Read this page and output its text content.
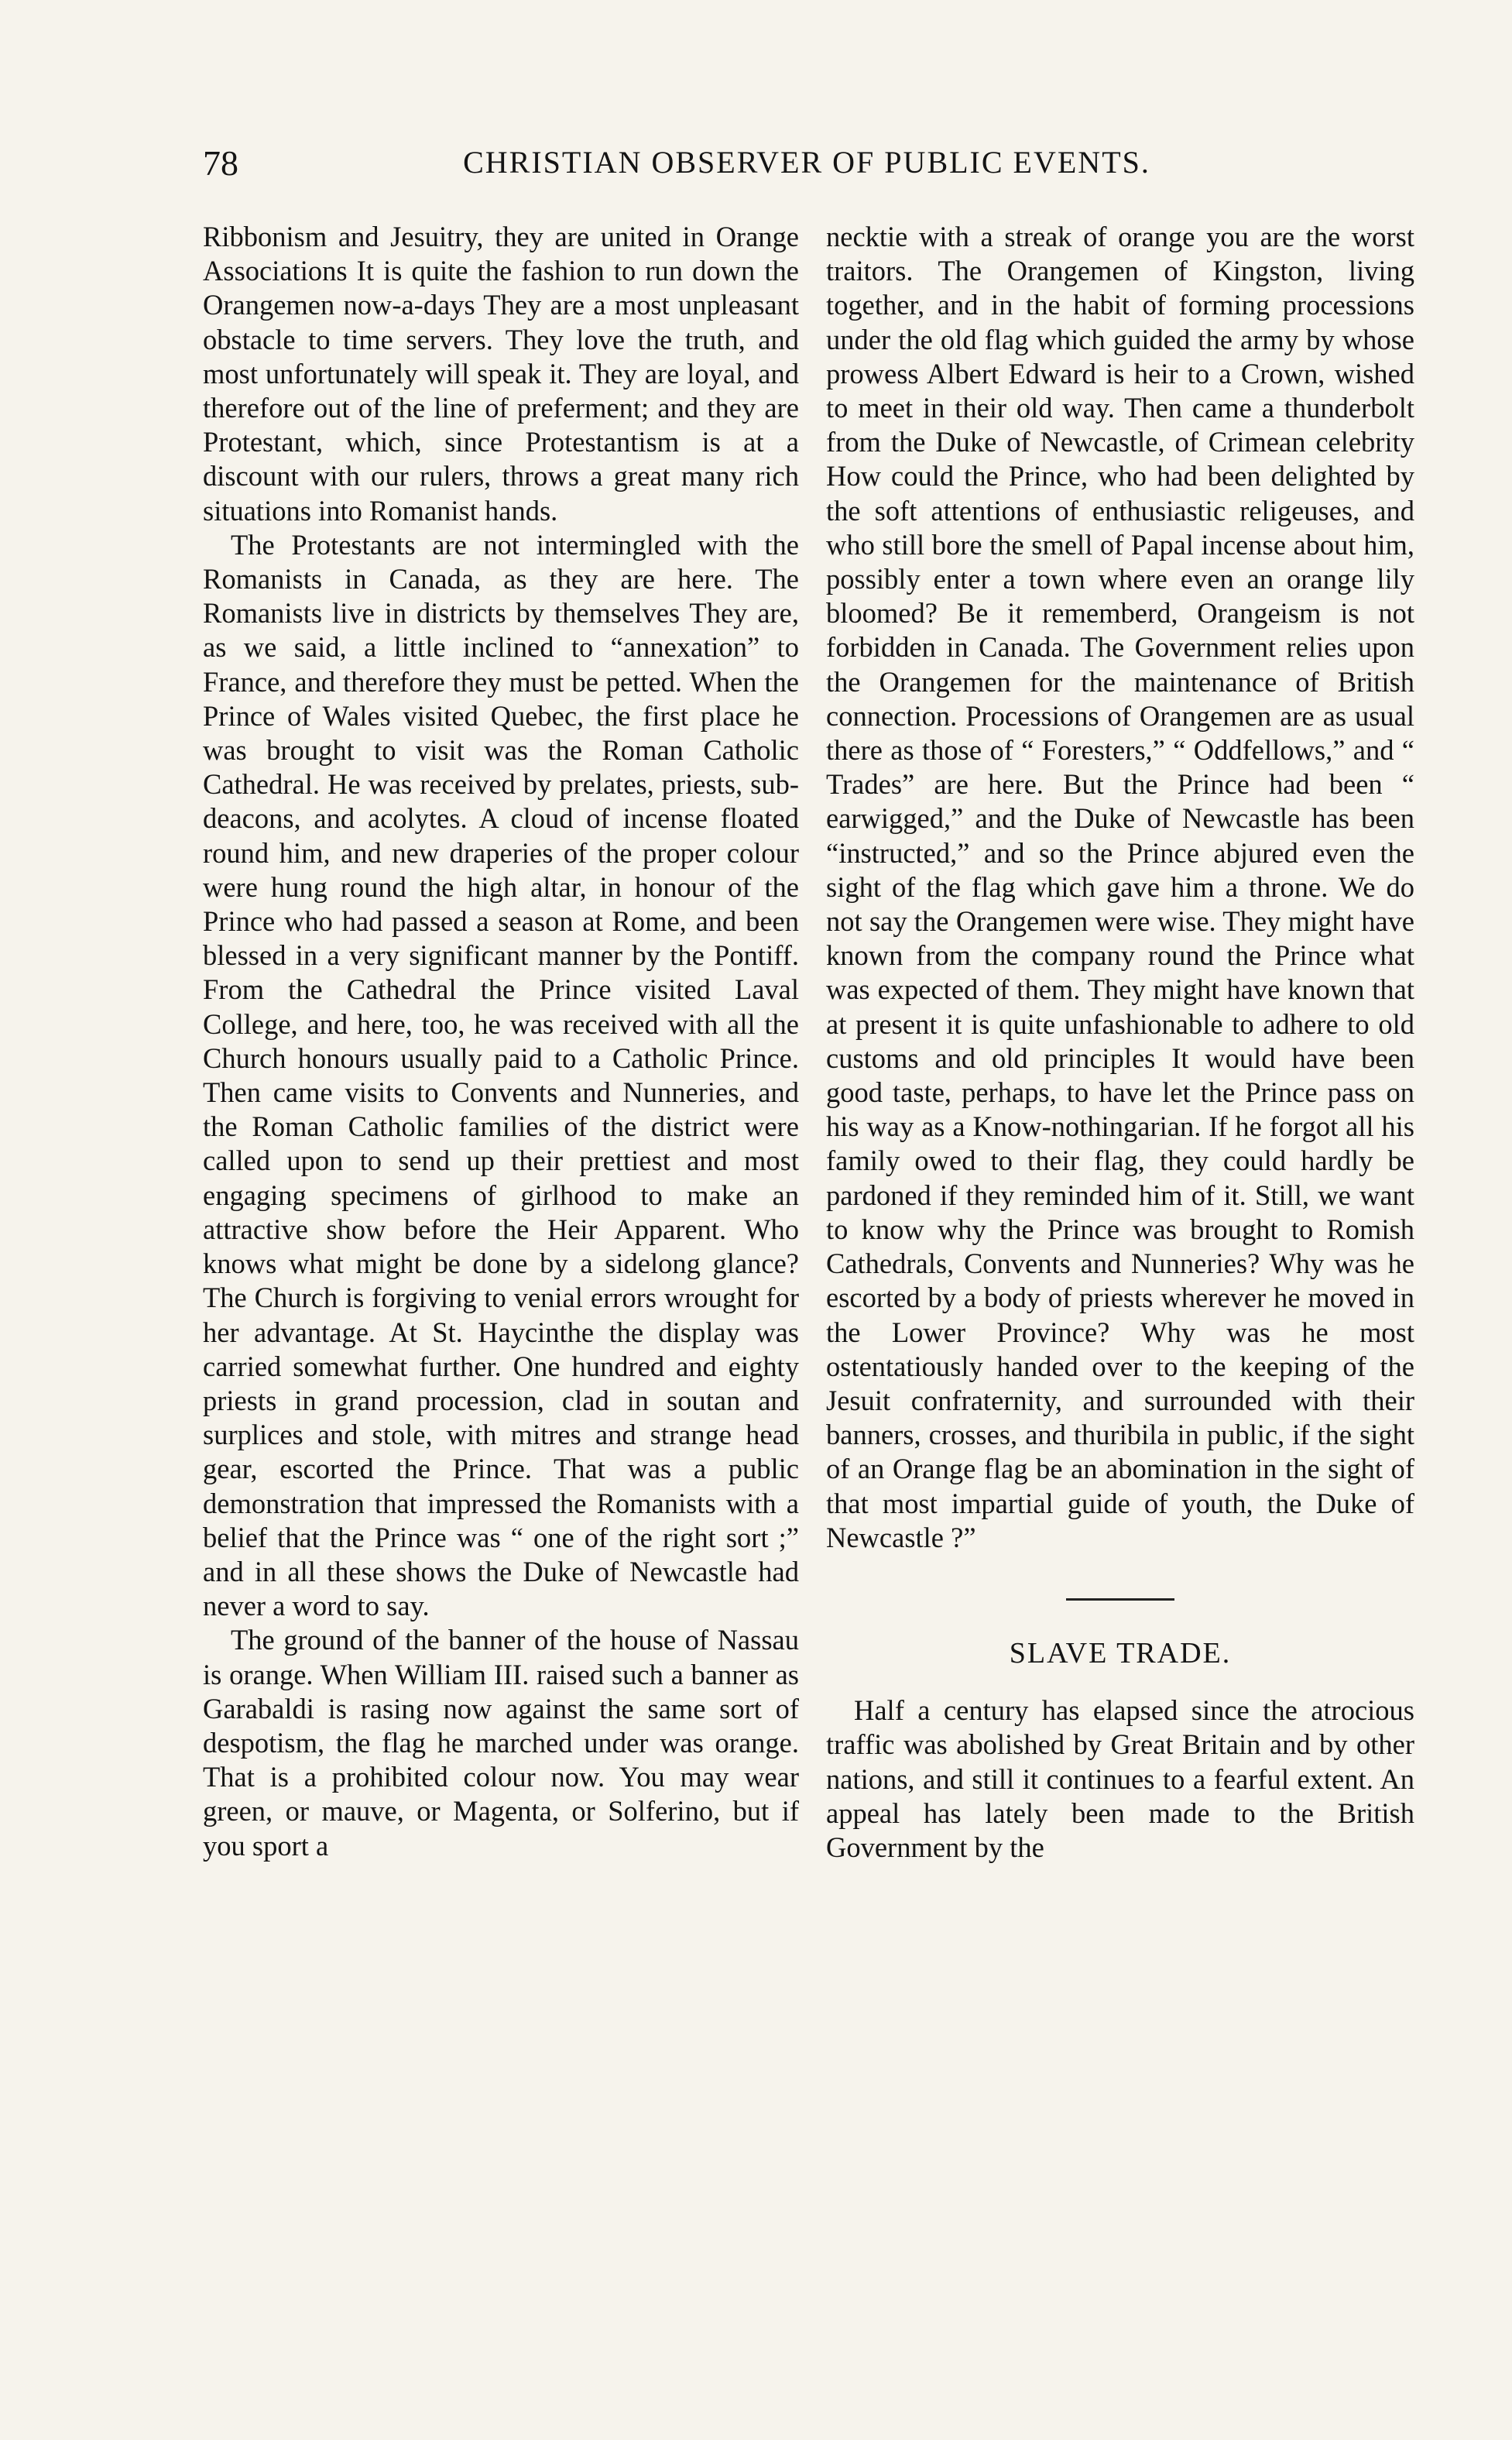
78	CHRISTIAN OBSERVER OF PUBLIC EVENTS.

Ribbonism and Jesuitry, they are united in Orange Associations It is quite the fashion to run down the Orangemen now-a-days They are a most unpleasant obstacle to time servers. They love the truth, and most unfortunately will speak it. They are loyal, and therefore out of the line of preferment; and they are Protestant, which, since Protestantism is at a discount with our rulers, throws a great many rich situations into Romanist hands.

The Protestants are not intermingled with the Romanists in Canada, as they are here. The Romanists live in districts by themselves They are, as we said, a little inclined to “annexation” to France, and therefore they must be petted. When the Prince of Wales visited Quebec, the first place he was brought to visit was the Roman Catholic Cathedral. He was received by prelates, priests, sub-deacons, and acolytes. A cloud of incense floated round him, and new draperies of the proper colour were hung round the high altar, in honour of the Prince who had passed a season at Rome, and been blessed in a very significant manner by the Pontiff. From the Cathedral the Prince visited Laval College, and here, too, he was received with all the Church honours usually paid to a Catholic Prince. Then came visits to Convents and Nunneries, and the Roman Catholic families of the district were called upon to send up their prettiest and most engaging specimens of girlhood to make an attractive show before the Heir Apparent. Who knows what might be done by a sidelong glance? The Church is forgiving to venial errors wrought for her advantage. At St. Haycinthe the display was carried somewhat further. One hundred and eighty priests in grand procession, clad in soutan and surplices and stole, with mitres and strange head gear, escorted the Prince. That was a public demonstration that impressed the Romanists with a belief that the Prince was “ one of the right sort ;” and in all these shows the Duke of Newcastle had never a word to say.

The ground of the banner of the house of Nassau is orange. When William III. raised such a banner as Garabaldi is rasing now against the same sort of despotism, the flag he marched under was orange. That is a prohibited colour now. You may wear green, or mauve, or Magenta, or Solferino, but if you sport a

necktie with a streak of orange you are the worst traitors. The Orangemen of Kingston, living together, and in the habit of forming processions under the old flag which guided the army by whose prowess Albert Edward is heir to a Crown, wished to meet in their old way. Then came a thunderbolt from the Duke of Newcastle, of Crimean celebrity How could the Prince, who had been delighted by the soft attentions of enthusiastic religeuses, and who still bore the smell of Papal incense about him, possibly enter a town where even an orange lily bloomed? Be it rememberd, Orangeism is not forbidden in Canada. The Government relies upon the Orangemen for the maintenance of British connection. Processions of Orangemen are as usual there as those of “ Foresters,” “ Oddfellows,” and “ Trades” are here. But the Prince had been “ earwigged,” and the Duke of Newcastle has been “instructed,” and so the Prince abjured even the sight of the flag which gave him a throne. We do not say the Orangemen were wise. They might have known from the company round the Prince what was expected of them. They might have known that at present it is quite unfashionable to adhere to old customs and old principles It would have been good taste, perhaps, to have let the Prince pass on his way as a Know-nothingarian. If he forgot all his family owed to their flag, they could hardly be pardoned if they reminded him of it. Still, we want to know why the Prince was brought to Romish Cathedrals, Convents and Nunneries? Why was he escorted by a body of priests wherever he moved in the Lower Province? Why was he most ostentatiously handed over to the keeping of the Jesuit confraternity, and surrounded with their banners, crosses, and thuribila in public, if the sight of an Orange flag be an abomination in the sight of that most impartial guide of youth, the Duke of Newcastle ?”

SLAVE TRADE.

Half a century has elapsed since the atrocious traffic was abolished by Great Britain and by other nations, and still it continues to a fearful extent. An appeal has lately been made to the British Government by the
